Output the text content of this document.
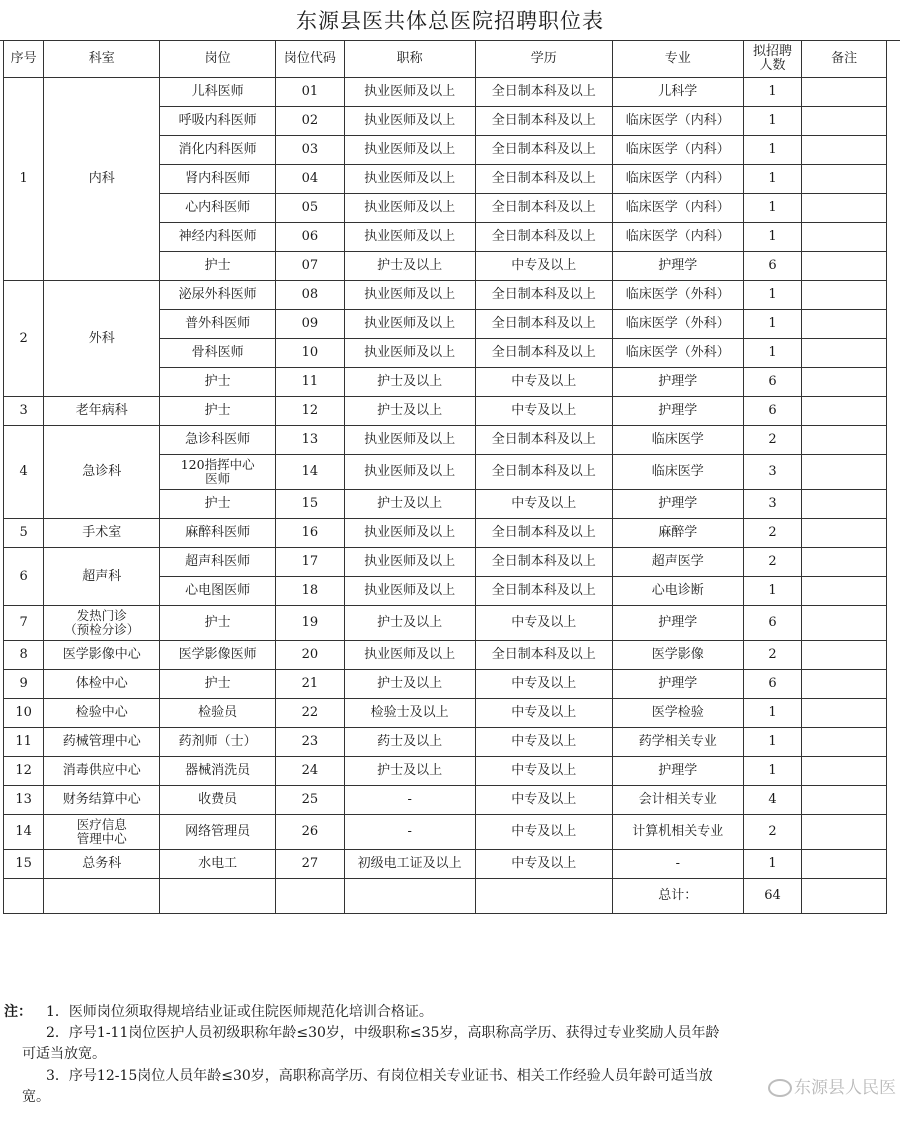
东源县医共体总医院招聘职位表
序号	科室	岗位	岗位代码	职称	学历	专业	拟招聘
人数	备注
1	内科	儿科医师	01	执业医师及以上	全日制本科及以上	儿科学	1	
		呼吸内科医师	02	执业医师及以上	全日制本科及以上	临床医学（内科）	1	
		消化内科医师	03	执业医师及以上	全日制本科及以上	临床医学（内科）	1	
		肾内科医师	04	执业医师及以上	全日制本科及以上	临床医学（内科）	1	
		心内科医师	05	执业医师及以上	全日制本科及以上	临床医学（内科）	1	
		神经内科医师	06	执业医师及以上	全日制本科及以上	临床医学（内科）	1	
		护士	07	护士及以上	中专及以上	护理学	6	
2	外科	泌尿外科医师	08	执业医师及以上	全日制本科及以上	临床医学（外科）	1	
		普外科医师	09	执业医师及以上	全日制本科及以上	临床医学（外科）	1	
		骨科医师	10	执业医师及以上	全日制本科及以上	临床医学（外科）	1	
		护士	11	护士及以上	中专及以上	护理学	6	
3	老年病科	护士	12	护士及以上	中专及以上	护理学	6	
4	急诊科	急诊科医师	13	执业医师及以上	全日制本科及以上	临床医学	2	
		120指挥中心
医师	14	执业医师及以上	全日制本科及以上	临床医学	3	
		护士	15	护士及以上	中专及以上	护理学	3	
5	手术室	麻醉科医师	16	执业医师及以上	全日制本科及以上	麻醉学	2	
6	超声科	超声科医师	17	执业医师及以上	全日制本科及以上	超声医学	2	
		心电图医师	18	执业医师及以上	全日制本科及以上	心电诊断	1	
7	发热门诊
（预检分诊）	护士	19	护士及以上	中专及以上	护理学	6	
8	医学影像中心	医学影像医师	20	执业医师及以上	全日制本科及以上	医学影像	2	
9	体检中心	护士	21	护士及以上	中专及以上	护理学	6	
10	检验中心	检验员	22	检验士及以上	中专及以上	医学检验	1	
11	药械管理中心	药剂师（士）	23	药士及以上	中专及以上	药学相关专业	1	
12	消毒供应中心	器械消洗员	24	护士及以上	中专及以上	护理学	1	
13	财务结算中心	收费员	25	-	中专及以上	会计相关专业	4	
14	医疗信息
管理中心	网络管理员	26	-	中专及以上	计算机相关专业	2	
15	总务科	水电工	27	初级电工证及以上	中专及以上	-	1	
						总计：	64	
注： 1．医师岗位须取得规培结业证或住院医师规范化培训合格证。
2．序号1-11岗位医护人员初级职称年龄≤30岁，中级职称≤35岁，高职称高学历、获得过专业奖励人员年龄
可适当放宽。
3．序号12-15岗位人员年龄≤30岁，高职称高学历、有岗位相关专业证书、相关工作经验人员年龄可适当放
宽。	东源县人民医
